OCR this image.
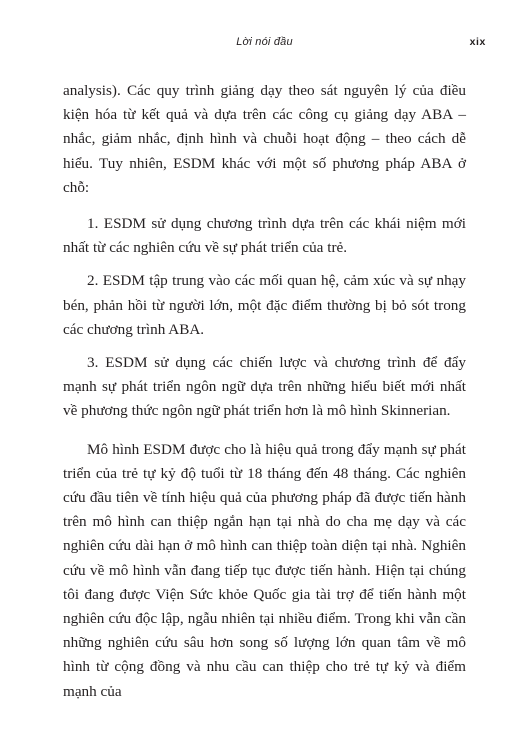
Lời nói đầu	xix

analysis). Các quy trình giảng dạy theo sát nguyên lý của điều kiện hóa từ kết quả và dựa trên các công cụ giảng dạy ABA – nhắc, giảm nhắc, định hình và chuỗi hoạt động – theo cách dễ hiểu. Tuy nhiên, ESDM khác với một số phương pháp ABA ở chỗ:

1. ESDM sử dụng chương trình dựa trên các khái niệm mới nhất từ các nghiên cứu về sự phát triển của trẻ.
2. ESDM tập trung vào các mối quan hệ, cảm xúc và sự nhạy bén, phản hồi từ người lớn, một đặc điểm thường bị bỏ sót trong các chương trình ABA.
3. ESDM sử dụng các chiến lược và chương trình để đẩy mạnh sự phát triển ngôn ngữ dựa trên những hiểu biết mới nhất về phương thức ngôn ngữ phát triển hơn là mô hình Skinnerian.

Mô hình ESDM được cho là hiệu quả trong đẩy mạnh sự phát triển của trẻ tự kỷ độ tuổi từ 18 tháng đến 48 tháng. Các nghiên cứu đầu tiên về tính hiệu quả của phương pháp đã được tiến hành trên mô hình can thiệp ngắn hạn tại nhà do cha mẹ dạy và các nghiên cứu dài hạn ở mô hình can thiệp toàn diện tại nhà. Nghiên cứu về mô hình vẫn đang tiếp tục được tiến hành. Hiện tại chúng tôi đang được Viện Sức khỏe Quốc gia tài trợ để tiến hành một nghiên cứu độc lập, ngẫu nhiên tại nhiều điểm. Trong khi vẫn cần những nghiên cứu sâu hơn song số lượng lớn quan tâm về mô hình từ cộng đồng và nhu cầu can thiệp cho trẻ tự kỷ và điểm mạnh của
